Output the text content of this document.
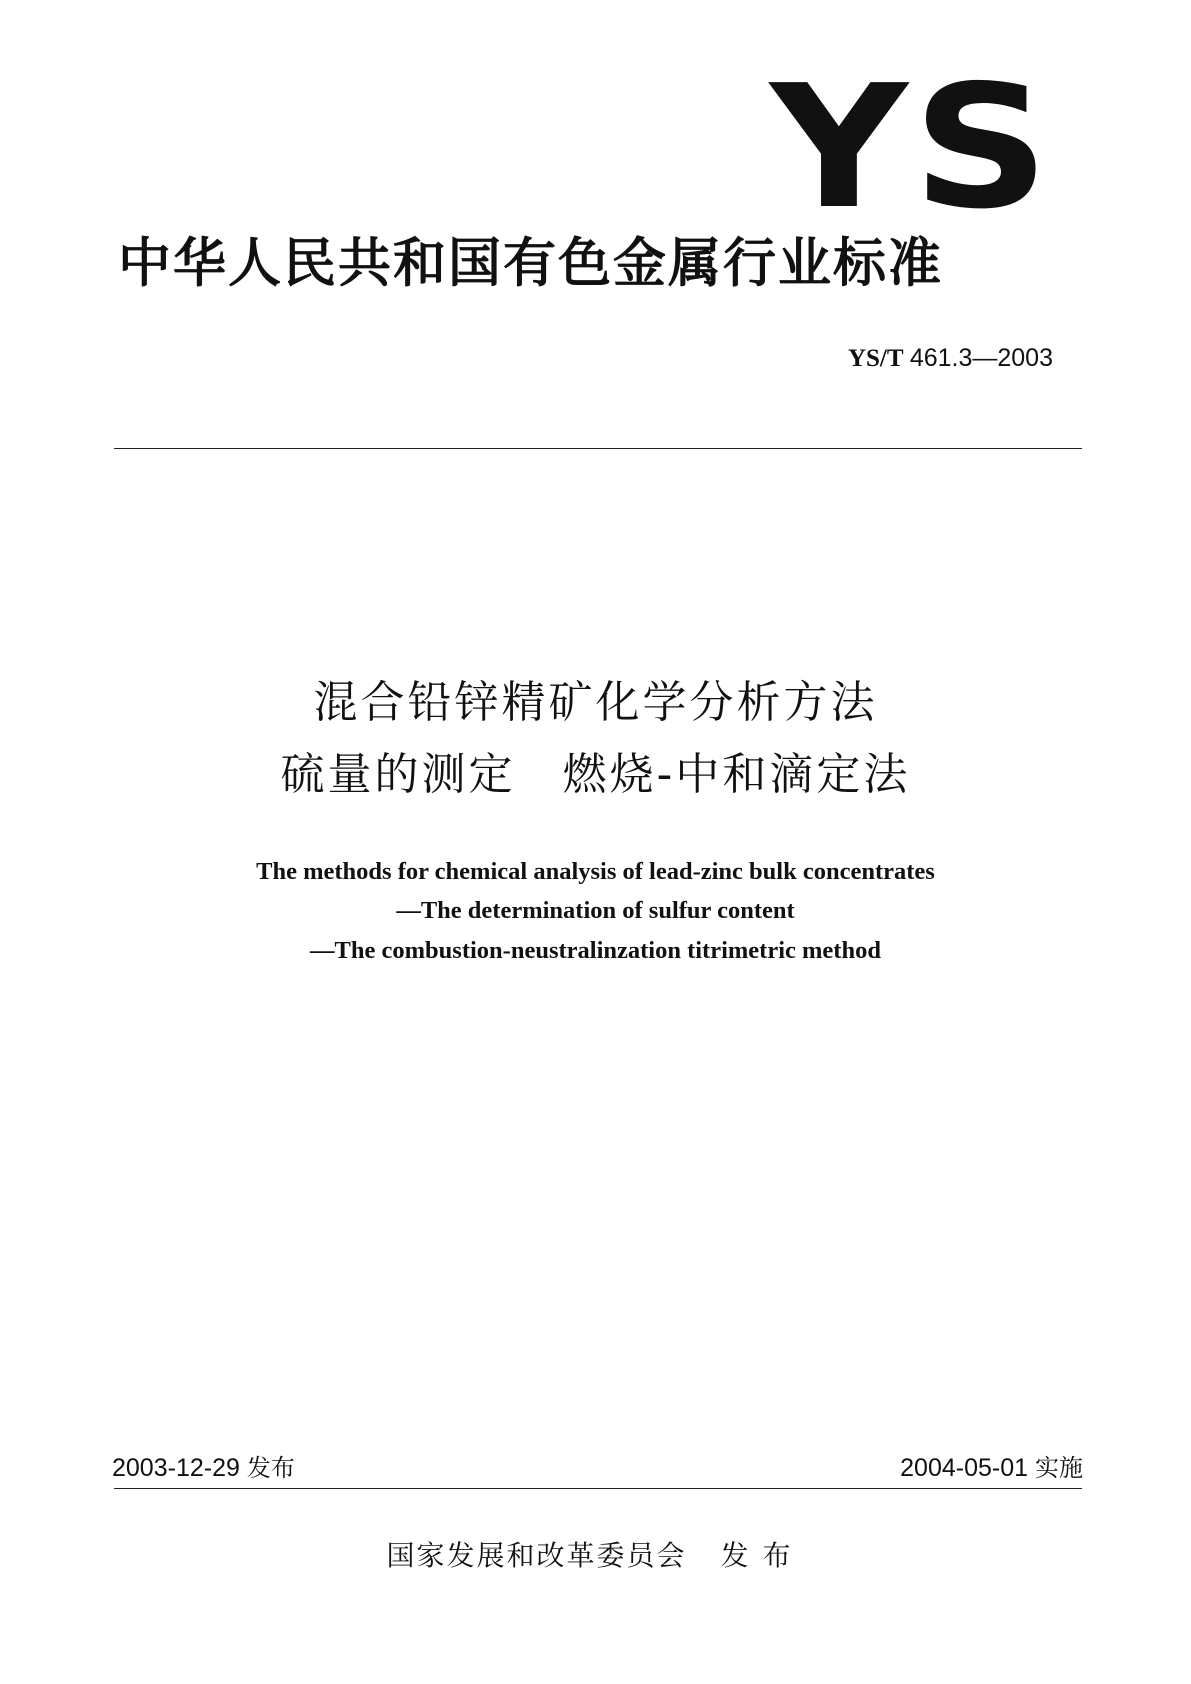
YS
中华人民共和国有色金属行业标准
YS/T 461.3—2003
混合铅锌精矿化学分析方法
硫量的测定　燃烧-中和滴定法
The methods for chemical analysis of lead-zinc bulk concentrates
—The determination of sulfur content
—The combustion-neustralinzation titrimetric method
2003-12-29 发布	2004-05-01 实施
国家发展和改革委员会 发布
